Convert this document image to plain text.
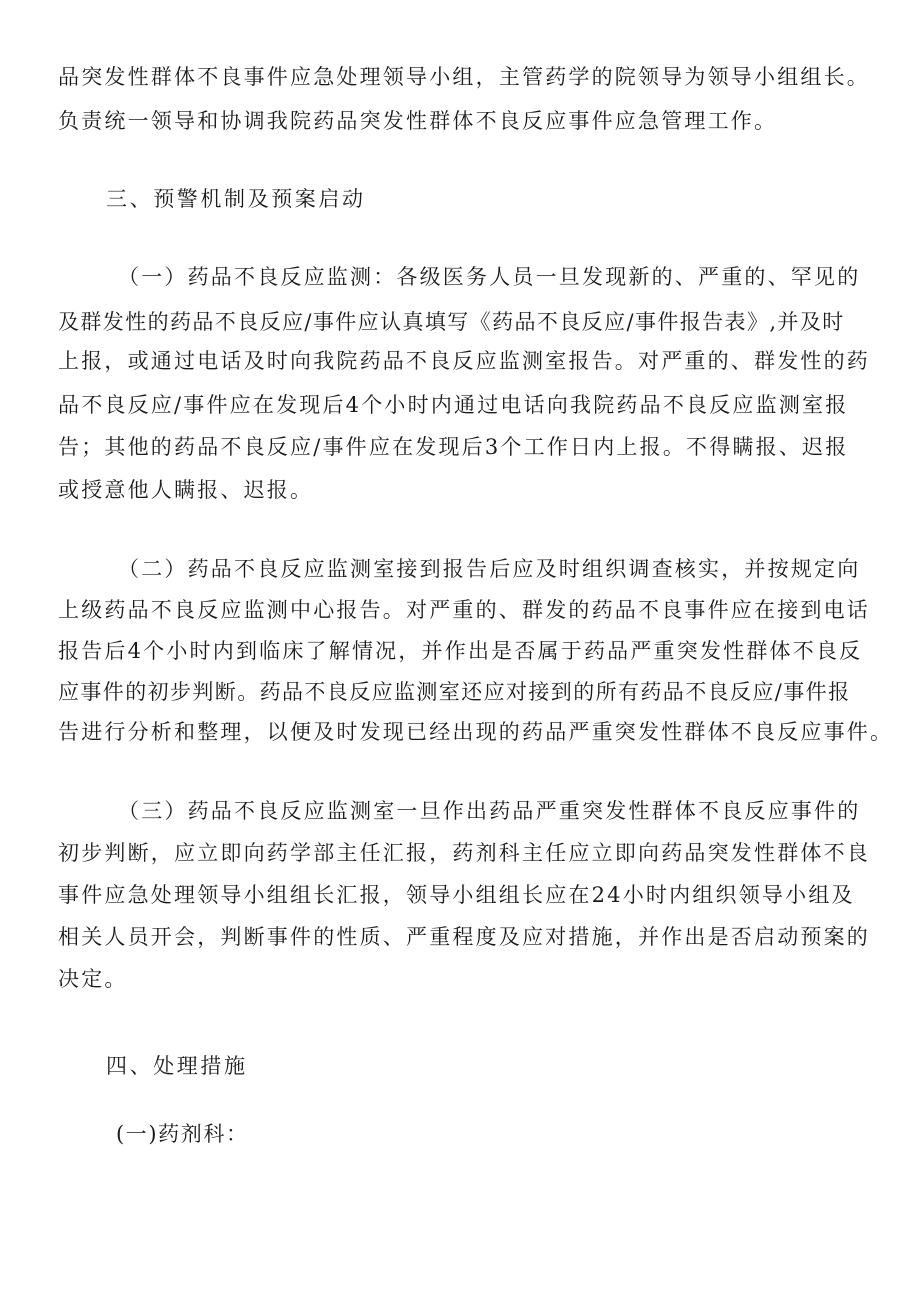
品突发性群体不良事件应急处理领导小组，主管药学的院领导为领导小组组长。
负责统一领导和协调我院药品突发性群体不良反应事件应急管理工作。
三、预警机制及预案启动
（一）药品不良反应监测：各级医务人员一旦发现新的、严重的、罕见的
及群发性的药品不良反应/事件应认真填写《药品不良反应/事件报告表》,并及时
上报，或通过电话及时向我院药品不良反应监测室报告。对严重的、群发性的药
品不良反应/事件应在发现后4个小时内通过电话向我院药品不良反应监测室报
告；其他的药品不良反应/事件应在发现后3个工作日内上报。不得瞒报、迟报
或授意他人瞒报、迟报。
（二）药品不良反应监测室接到报告后应及时组织调查核实，并按规定向
上级药品不良反应监测中心报告。对严重的、群发的药品不良事件应在接到电话
报告后4个小时内到临床了解情况，并作出是否属于药品严重突发性群体不良反
应事件的初步判断。药品不良反应监测室还应对接到的所有药品不良反应/事件报
告进行分析和整理，以便及时发现已经出现的药品严重突发性群体不良反应事件。
（三）药品不良反应监测室一旦作出药品严重突发性群体不良反应事件的
初步判断，应立即向药学部主任汇报，药剂科主任应立即向药品突发性群体不良
事件应急处理领导小组组长汇报，领导小组组长应在24小时内组织领导小组及
相关人员开会，判断事件的性质、严重程度及应对措施，并作出是否启动预案的
决定。
四、处理措施
(一)药剂科：
